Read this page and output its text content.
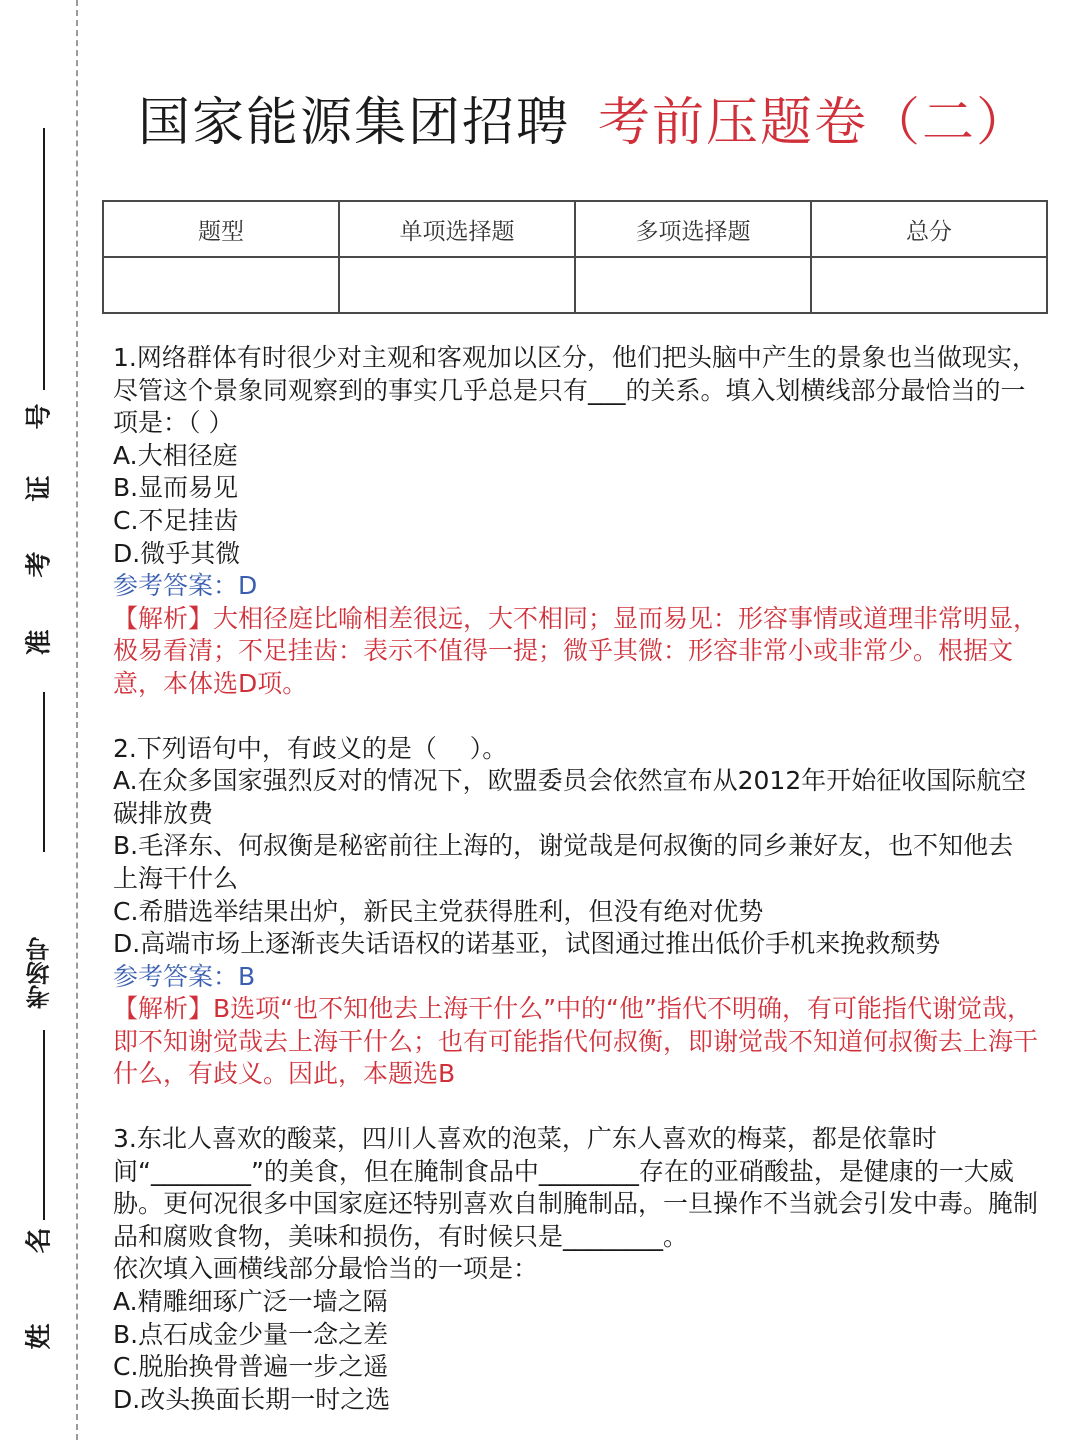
号
证
考
准
考场号
名
姓
国家能源集团招聘 考前压题卷（二）
题型	单项选择题	多项选择题	总分

1.网络群体有时很少对主观和客观加以区分，他们把头脑中产生的景象也当做现实，尽管这个景象同观察到的事实几乎总是只有___的关系。填入划横线部分最恰当的一项是：（ ）

A.大相径庭

B.显而易见

C.不足挂齿

D.微乎其微

参考答案：D

【解析】大相径庭比喻相差很远，大不相同；显而易见：形容事情或道理非常明显，极易看清；不足挂齿：表示不值得一提；微乎其微：形容非常小或非常少。根据文意，本体选D项。

2.下列语句中，有歧义的是（　 ）。

A.在众多国家强烈反对的情况下，欧盟委员会依然宣布从2012年开始征收国际航空碳排放费

B.毛泽东、何叔衡是秘密前往上海的，谢觉哉是何叔衡的同乡兼好友，也不知他去上海干什么

C.希腊选举结果出炉，新民主党获得胜利，但没有绝对优势

D.高端市场上逐渐丧失话语权的诺基亚，试图通过推出低价手机来挽救颓势

参考答案：B

【解析】B选项“也不知他去上海干什么”中的“他”指代不明确，有可能指代谢觉哉，即不知谢觉哉去上海干什么；也有可能指代何叔衡，即谢觉哉不知道何叔衡去上海干什么，有歧义。因此，本题选B

3.东北人喜欢的酸菜，四川人喜欢的泡菜，广东人喜欢的梅菜，都是依靠时间“________”的美食，但在腌制食品中________存在的亚硝酸盐，是健康的一大威胁。更何况很多中国家庭还特别喜欢自制腌制品，一旦操作不当就会引发中毒。腌制品和腐败食物，美味和损伤，有时候只是________。

依次填入画横线部分最恰当的一项是：

A.精雕细琢广泛一墙之隔

B.点石成金少量一念之差

C.脱胎换骨普遍一步之遥

D.改头换面长期一时之选
